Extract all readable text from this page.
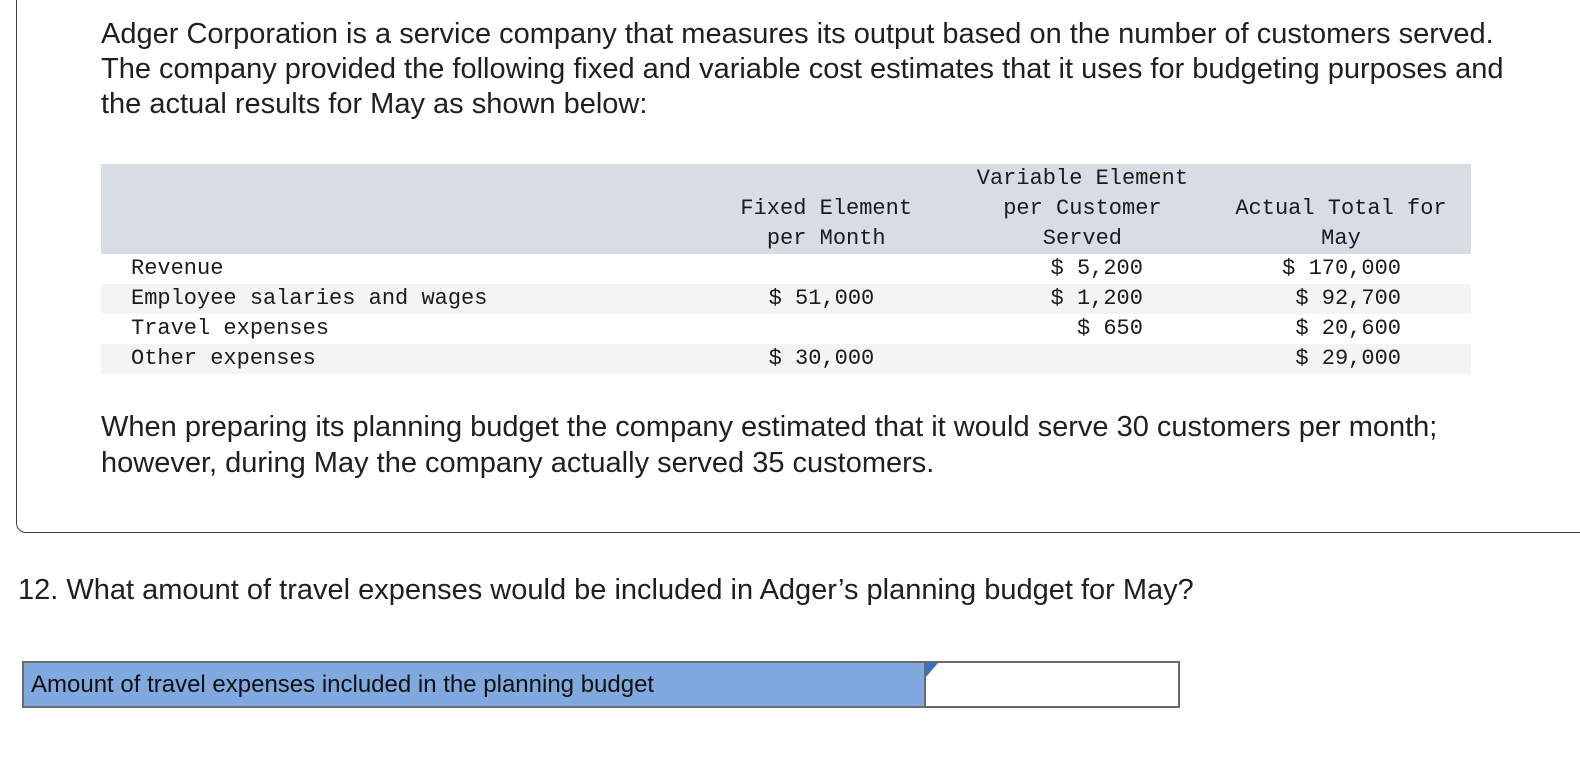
Adger Corporation is a service company that measures its output based on the number of customers served. The company provided the following fixed and variable cost estimates that it uses for budgeting purposes and the actual results for May as shown below:

	Fixed Element per Month	Variable Element per Customer Served	Actual Total for May
Revenue		$ 5,200	$ 170,000
Employee salaries and wages	$ 51,000	$ 1,200	$ 92,700
Travel expenses		$ 650	$ 20,600
Other expenses	$ 30,000		$ 29,000

When preparing its planning budget the company estimated that it would serve 30 customers per month; however, during May the company actually served 35 customers.

12. What amount of travel expenses would be included in Adger’s planning budget for May?

Amount of travel expenses included in the planning budget
